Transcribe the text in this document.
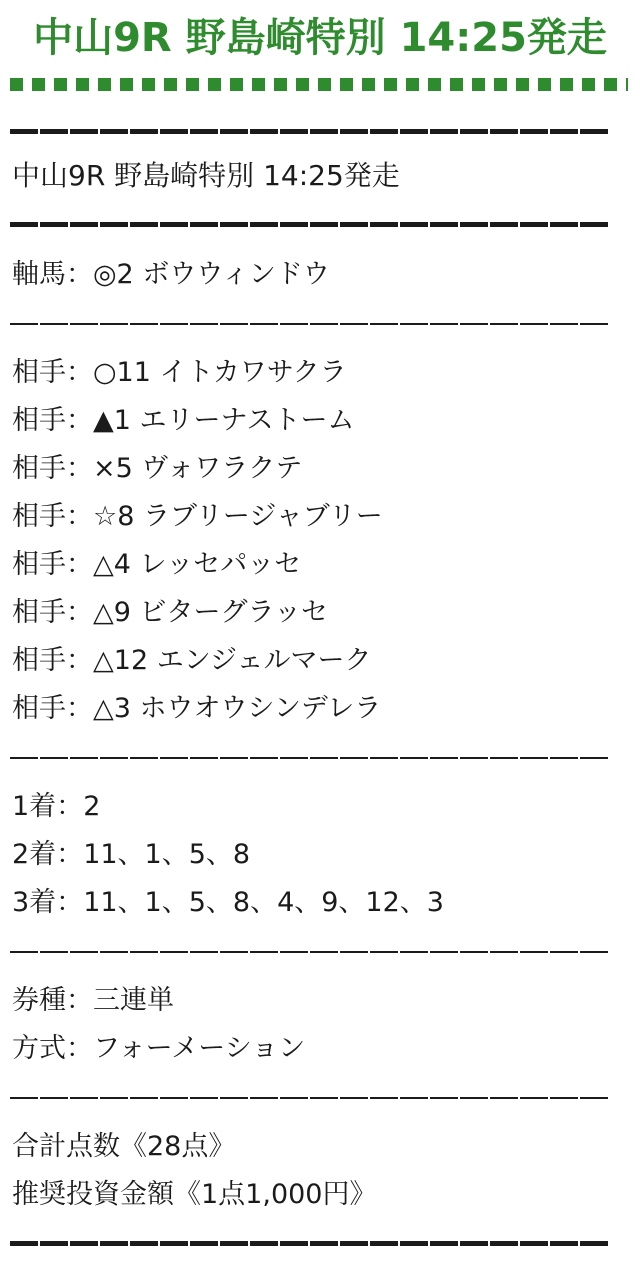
中山9R 野島崎特別 14:25発走
中山9R 野島崎特別 14:25発走
軸馬：◎2 ボウウィンドウ
相手：○11 イトカワサクラ
相手：▲1 エリーナストーム
相手：×5 ヴォワラクテ
相手：☆8 ラブリージャブリー
相手：△4 レッセパッセ
相手：△9 ビターグラッセ
相手：△12 エンジェルマーク
相手：△3 ホウオウシンデレラ
1着：2
2着：11、1、5、8
3着：11、1、5、8、4、9、12、3
券種：三連単
方式：フォーメーション
合計点数《28点》
推奨投資金額《1点1,000円》
